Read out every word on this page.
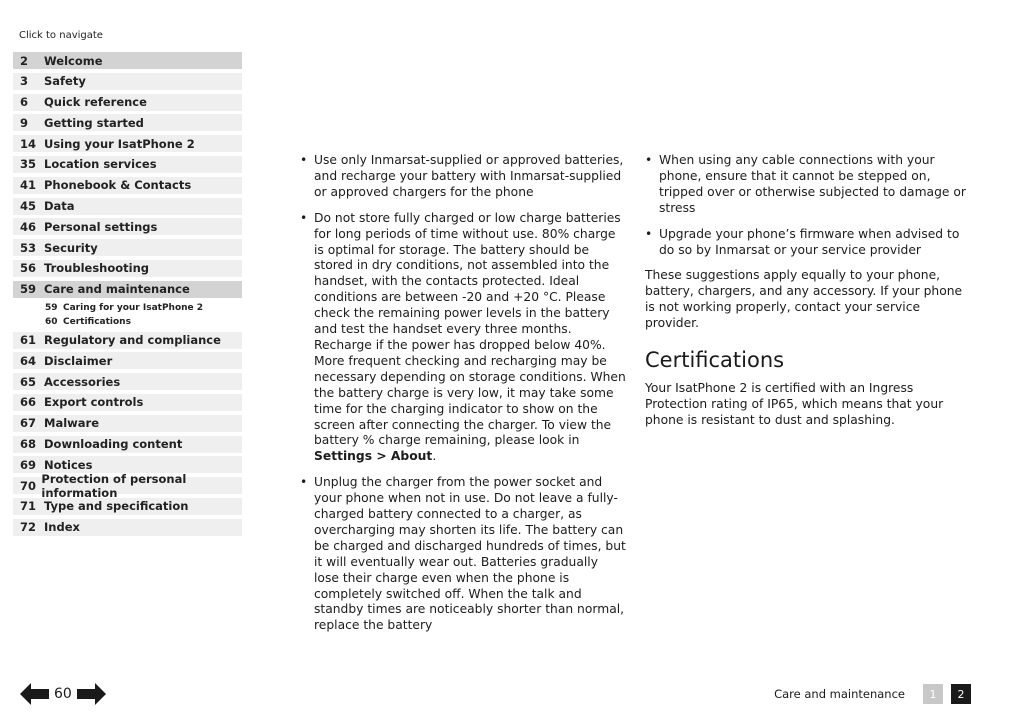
Click to navigate
2	Welcome
3	Safety
6	Quick reference
9	Getting started
14 Using your IsatPhone 2
35 Location services
41 Phonebook & Contacts
45 Data
46 Personal settings
53 Security
56 Troubleshooting
59 Care and maintenance
59 Caring for your IsatPhone 2
60 Certifications
61 Regulatory and compliance
64 Disclaimer
65 Accessories
66 Export controls
67 Malware
68 Downloading content
69 Notices
70 Protection of personal information
71 Type and specification
72 Index
• Use only Inmarsat-supplied or approved batteries, and recharge your battery with Inmarsat-supplied or approved chargers for the phone
• Do not store fully charged or low charge batteries for long periods of time without use. 80% charge is optimal for storage. The battery should be stored in dry conditions, not assembled into the handset, with the contacts protected. Ideal conditions are between -20 and +20 °C. Please check the remaining power levels in the battery and test the handset every three months. Recharge if the power has dropped below 40%. More frequent checking and recharging may be necessary depending on storage conditions. When the battery charge is very low, it may take some time for the charging indicator to show on the screen after connecting the charger. To view the battery % charge remaining, please look in Settings > About.
• Unplug the charger from the power socket and your phone when not in use. Do not leave a fully-charged battery connected to a charger, as overcharging may shorten its life. The battery can be charged and discharged hundreds of times, but it will eventually wear out. Batteries gradually lose their charge even when the phone is completely switched off. When the talk and standby times are noticeably shorter than normal, replace the battery
• When using any cable connections with your phone, ensure that it cannot be stepped on, tripped over or otherwise subjected to damage or stress
• Upgrade your phone’s firmware when advised to do so by Inmarsat or your service provider
These suggestions apply equally to your phone, battery, chargers, and any accessory. If your phone is not working properly, contact your service provider.
Certifications
Your IsatPhone 2 is certified with an Ingress Protection rating of IP65, which means that your phone is resistant to dust and splashing.
60	Care and maintenance	1	2
